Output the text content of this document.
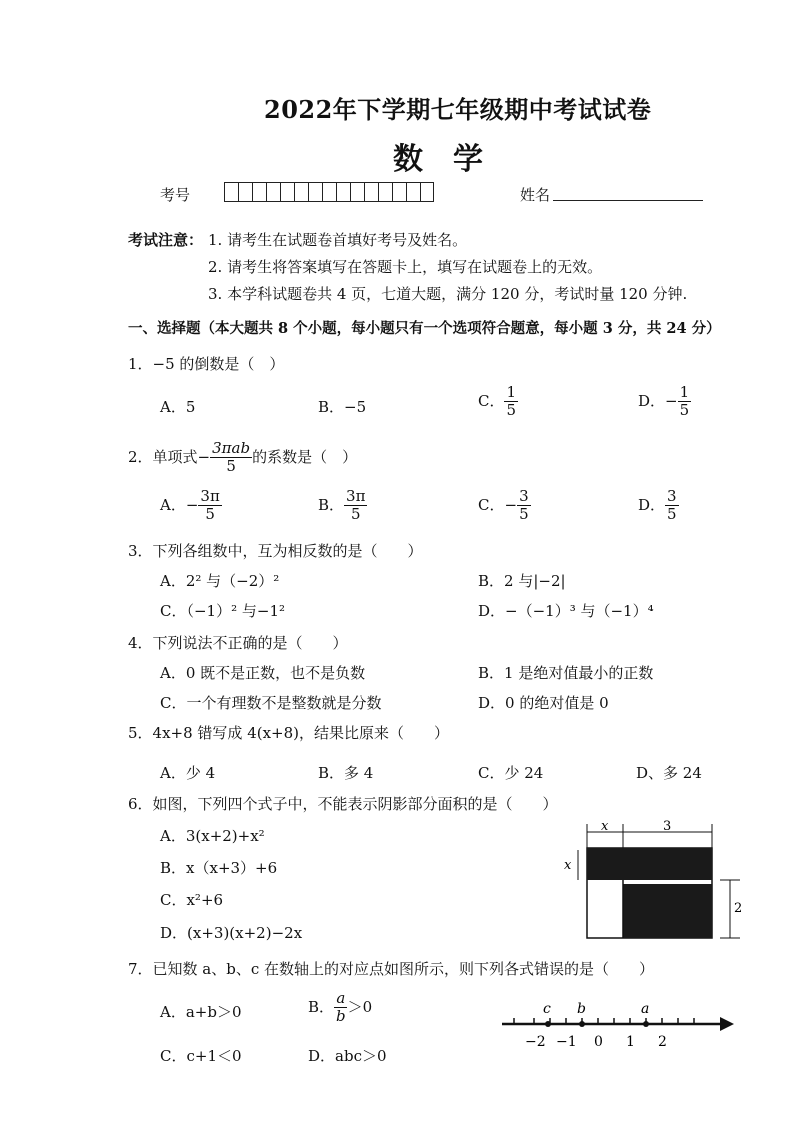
2022年下学期七年级期中考试试卷
数学
考号	姓名
考试注意： 1. 请考生在试题卷首填好考号及姓名。
2. 请考生将答案填写在答题卡上，填写在试题卷上的无效。
3. 本学科试题卷共 4 页，七道大题，满分 120 分，考试时量 120 分钟.
一、选择题（本大题共 8 个小题，每小题只有一个选项符合题意，每小题 3 分，共 24 分）
1．−5 的倒数是（　）
A．5	B．−5	C． $\frac{1}{5}$	D．− $\frac{1}{5}$
2．单项式− $\frac{\text{3πab}}{5}$ 的系数是（　）
A．− $\frac{3\pi}{5}$	B． $\frac{3\pi}{5}$	C．− $\frac{3}{5}$	D． $\frac{3}{5}$
3．下列各组数中，互为相反数的是（　　）
A．2² 与（−2）²	B．2 与|−2|
C．（−1）² 与−1²	D．−（−1）³ 与（−1）⁴
4．下列说法不正确的是（　　）
A．0 既不是正数，也不是负数	B．1 是绝对值最小的正数
C．一个有理数不是整数就是分数	D．0 的绝对值是 0
5．4x+8 错写成 4(x+8)，结果比原来（　　）
A．少 4	B．多 4	C．少 24	D、多 24
6．如图，下列四个式子中，不能表示阴影部分面积的是（　　）
A．3(x+2)+x²
B．x（x+3）+6
C．x²+6
D．(x+3)(x+2)−2x
x	3
x
2
7．已知数 a、b、c 在数轴上的对应点如图所示，则下列各式错误的是（　　）
A．a+b＞0	B． $\frac{a}{b} >0$
C．c+1＜0	D．abc＞0
c b	a
−2 −1 0 1 2
